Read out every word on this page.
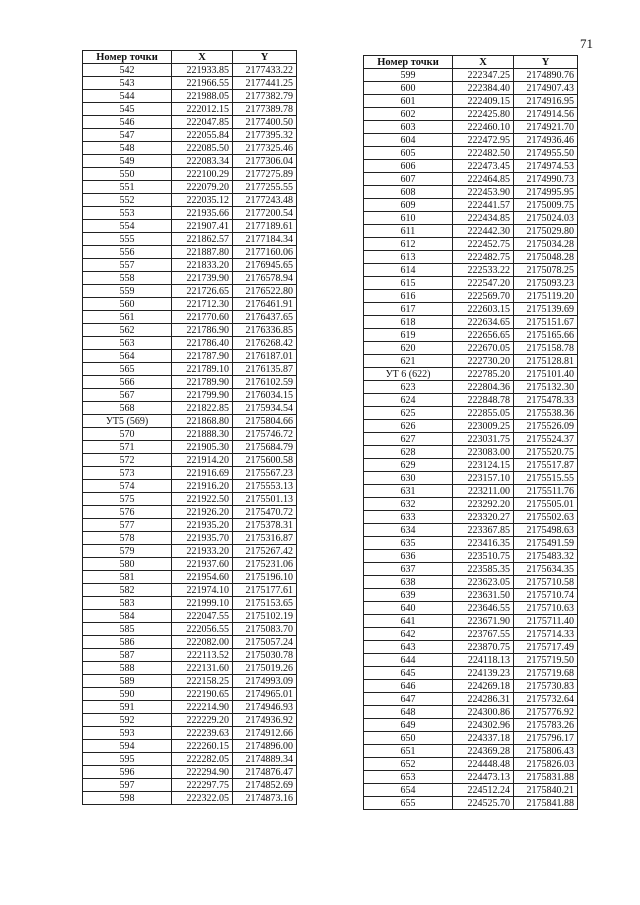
71
Номер точки	X	Y
542	221933.85	2177433.22
543	221966.55	2177441.25
544	221988.05	2177382.79
545	222012.15	2177389.78
546	222047.85	2177400.50
547	222055.84	2177395.32
548	222085.50	2177325.46
549	222083.34	2177306.04
550	222100.29	2177275.89
551	222079.20	2177255.55
552	222035.12	2177243.48
553	221935.66	2177200.54
554	221907.41	2177189.61
555	221862.57	2177184.34
556	221887.80	2177160.06
557	221833.20	2176945.65
558	221739.90	2176578.94
559	221726.65	2176522.80
560	221712.30	2176461.91
561	221770.60	2176437.65
562	221786.90	2176336.85
563	221786.40	2176268.42
564	221787.90	2176187.01
565	221789.10	2176135.87
566	221789.90	2176102.59
567	221799.90	2176034.15
568	221822.85	2175934.54
УТ5 (569)	221868.80	2175804.66
570	221888.30	2175746.72
571	221905.30	2175684.79
572	221914.20	2175600.58
573	221916.69	2175567.23
574	221916.20	2175553.13
575	221922.50	2175501.13
576	221926.20	2175470.72
577	221935.20	2175378.31
578	221935.70	2175316.87
579	221933.20	2175267.42
580	221937.60	2175231.06
581	221954.60	2175196.10
582	221974.10	2175177.61
583	221999.10	2175153.65
584	222047.55	2175102.19
585	222056.55	2175083.70
586	222082.00	2175057.24
587	222113.52	2175030.78
588	222131.60	2175019.26
589	222158.25	2174993.09
590	222190.65	2174965.01
591	222214.90	2174946.93
592	222229.20	2174936.92
593	222239.63	2174912.66
594	222260.15	2174896.00
595	222282.05	2174889.34
596	222294.90	2174876.47
597	222297.75	2174852.69
598	222322.05	2174873.16
Номер точки	X	Y
599	222347.25	2174890.76
600	222384.40	2174907.43
601	222409.15	2174916.95
602	222425.80	2174914.56
603	222460.10	2174921.70
604	222472.95	2174936.46
605	222482.50	2174955.50
606	222473.45	2174974.53
607	222464.85	2174990.73
608	222453.90	2174995.95
609	222441.57	2175009.75
610	222434.85	2175024.03
611	222442.30	2175029.80
612	222452.75	2175034.28
613	222482.75	2175048.28
614	222533.22	2175078.25
615	222547.20	2175093.23
616	222569.70	2175119.20
617	222603.15	2175139.69
618	222634.65	2175151.67
619	222656.65	2175165.66
620	222670.05	2175158.78
621	222730.20	2175128.81
УТ 6 (622)	222785.20	2175101.40
623	222804.36	2175132.30
624	222848.78	2175478.33
625	222855.05	2175538.36
626	223009.25	2175526.09
627	223031.75	2175524.37
628	223083.00	2175520.75
629	223124.15	2175517.87
630	223157.10	2175515.55
631	223211.00	2175511.76
632	223292.20	2175505.01
633	223320.27	2175502.63
634	223367.85	2175498.63
635	223416.35	2175491.59
636	223510.75	2175483.32
637	223585.35	2175634.35
638	223623.05	2175710.58
639	223631.50	2175710.74
640	223646.55	2175710.63
641	223671.90	2175711.40
642	223767.55	2175714.33
643	223870.75	2175717.49
644	224118.13	2175719.50
645	224139.23	2175719.68
646	224269.18	2175730.83
647	224286.31	2175732.64
648	224300.86	2175776.92
649	224302.96	2175783.26
650	224337.18	2175796.17
651	224369.28	2175806.43
652	224448.48	2175826.03
653	224473.13	2175831.88
654	224512.24	2175840.21
655	224525.70	2175841.88
